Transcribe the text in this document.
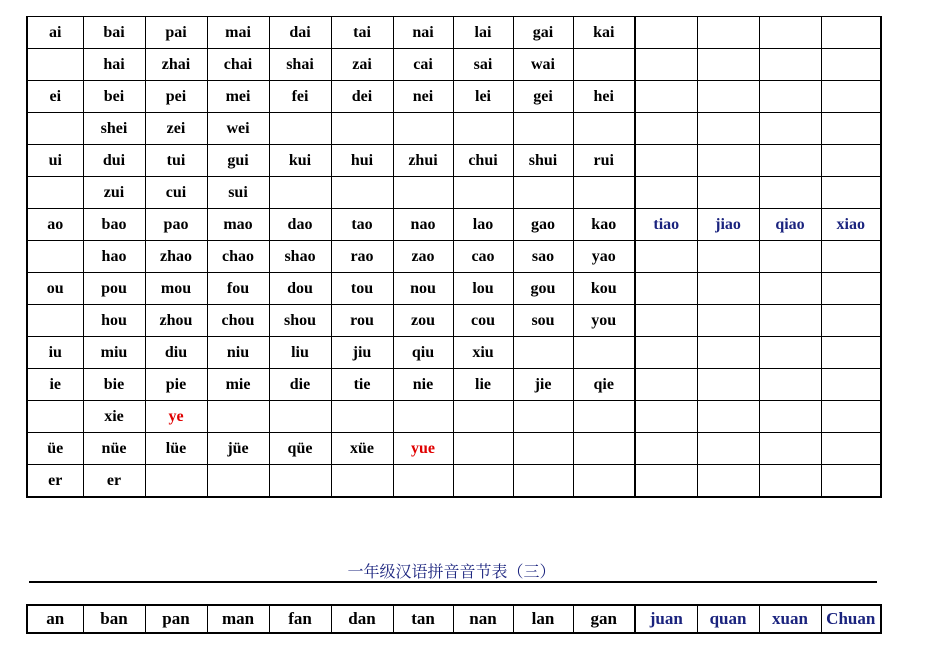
ai	bai	pai	mai	dai	tai	nai	lai	gai	kai				
	hai	zhai	chai	shai	zai	cai	sai	wai					
ei	bei	pei	mei	fei	dei	nei	lei	gei	hei				
	shei	zei	wei										
ui	dui	tui	gui	kui	hui	zhui	chui	shui	rui				
	zui	cui	sui										
ao	bao	pao	mao	dao	tao	nao	lao	gao	kao	tiao	jiao	qiao	xiao
	hao	zhao	chao	shao	rao	zao	cao	sao	yao				
ou	pou	mou	fou	dou	tou	nou	lou	gou	kou				
	hou	zhou	chou	shou	rou	zou	cou	sou	you				
iu	miu	diu	niu	liu	jiu	qiu	xiu						
ie	bie	pie	mie	die	tie	nie	lie	jie	qie				
	xie	ye											
üe	nüe	lüe	jüe	qüe	xüe	yue							
er	er												
一年级汉语拼音音节表（三）
an	ban	pan	man	fan	dan	tan	nan	lan	gan	juan	quan	xuan	Chuan
